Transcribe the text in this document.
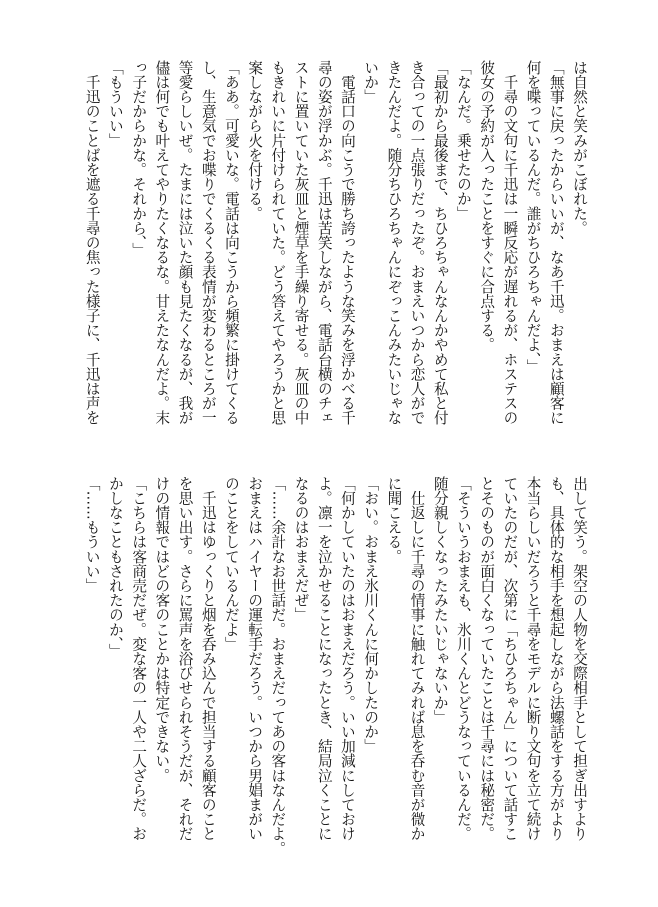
は自然と笑みがこぼれた。
「無事に戻ったからいいが、なあ千迅。おまえは顧客に
何を喋っているんだ。誰がちひろちゃんだよ、」
　千尋の文句に千迅は一瞬反応が遅れるが、ホステスの
彼女の予約が入ったことをすぐに合点する。
「なんだ。乗せたのか」
「最初から最後まで、ちひろちゃんなんかやめて私と付
き合っての一点張りだったぞ。おまえいつから恋人がで
きたんだよ。随分ちひろちゃんにぞっこんみたいじゃな
いか」
　電話口の向こうで勝ち誇ったような笑みを浮かべる千
尋の姿が浮かぶ。千迅は苦笑しながら、電話台横のチェ
ストに置いていた灰皿と煙草を手繰り寄せる。灰皿の中
もきれいに片付けられていた。どう答えてやろうかと思
案しながら火を付ける。
「ああ。可愛いな。電話は向こうから頻繁に掛けてくる
し、生意気でお喋りでくるくる表情が変わるところが一
等愛らしいぜ。たまには泣いた顔も見たくなるが、我が
儘は何でも叶えてやりたくなるな。甘えたなんだよ。末
っ子だからかな。それから、」
「もういい」
　千迅のことばを遮る千尋の焦った様子に、千迅は声を
出して笑う。架空の人物を交際相手として担ぎ出すより
も、具体的な相手を想起しながら法螺話をする方がより
本当らしいだろうと千尋をモデルに断り文句を立て続け
ていたのだが、次第に「ちひろちゃん」について話すこ
とそのものが面白くなっていたことは千尋には秘密だ。
「そういうおまえも、氷川くんとどうなっているんだ。
随分親しくなったみたいじゃないか」
　仕返しに千尋の情事に触れてみれば息を呑む音が微か
に聞こえる。
「おい。おまえ氷川くんに何かしたのか」
「何かしていたのはおまえだろう。いい加減にしておけ
よ。凛一を泣かせることになったとき、結局泣くことに
なるのはおまえだぜ」
「……余計なお世話だ。おまえだってあの客はなんだよ。
おまえはハイヤーの運転手だろう。いつから男娼まがい
のことをしているんだよ」
　千迅はゆっくりと烟を呑み込んで担当する顧客のこと
を思い出す。さらに罵声を浴びせられそうだが、それだ
けの情報ではどの客のことかは特定できない。
「こちらは客商売だぜ。変な客の一人や二人ざらだ。お
かしなこともされたのか、」
「……もういい」
